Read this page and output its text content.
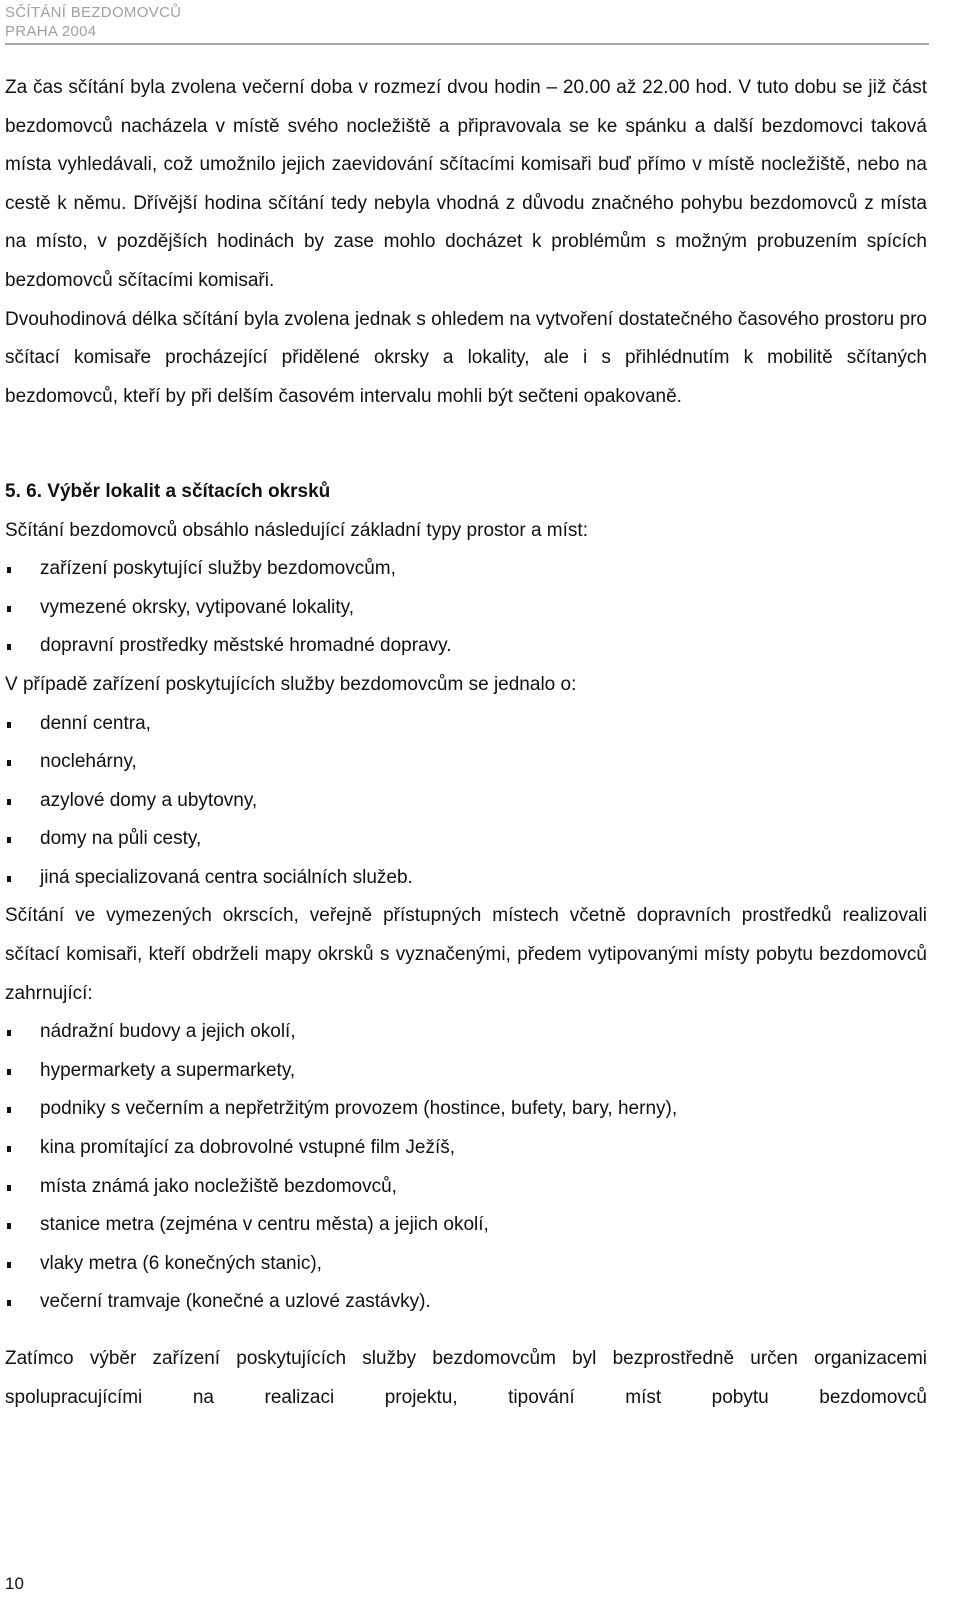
SČÍTÁNÍ BEZDOMOVCŮ
PRAHA 2004

Za čas sčítání byla zvolena večerní doba v rozmezí dvou hodin – 20.00 až 22.00 hod. V tuto dobu se již část bezdomovců nacházela v místě svého nocležiště a připravovala se ke spánku a další bezdomovci taková místa vyhledávali, což umožnilo jejich zaevidování sčítacími komisaři buď přímo v místě nocležiště, nebo na cestě k němu. Dřívější hodina sčítání tedy nebyla vhodná z důvodu značného pohybu bezdomovců z místa na místo, v pozdějších hodinách by zase mohlo docházet k problémům s možným probuzením spících bezdomovců sčítacími komisaři.

Dvouhodinová délka sčítání byla zvolena jednak s ohledem na vytvoření dostatečného časového prostoru pro sčítací komisaře procházející přidělené okrsky a lokality, ale i s přihlédnutím k mobilitě sčítaných bezdomovců, kteří by při delším časovém intervalu mohli být sečteni opakovaně.

5. 6. Výběr lokalit a sčítacích okrsků

Sčítání bezdomovců obsáhlo následující základní typy prostor a míst:

zařízení poskytující služby bezdomovcům,
vymezené okrsky, vytipované lokality,
dopravní prostředky městské hromadné dopravy.

V případě zařízení poskytujících služby bezdomovcům se jednalo o:

denní centra,
noclehárny,
azylové domy a ubytovny,
domy na půli cesty,
jiná specializovaná centra sociálních služeb.

Sčítání ve vymezených okrscích, veřejně přístupných místech včetně dopravních prostředků realizovali sčítací komisaři, kteří obdrželi mapy okrsků s vyznačenými, předem vytipovanými místy pobytu bezdomovců zahrnující:

nádražní budovy a jejich okolí,
hypermarkety a supermarkety,
podniky s večerním a nepřetržitým provozem (hostince, bufety, bary, herny),
kina promítající za dobrovolné vstupné film Ježíš,
místa známá jako nocležiště bezdomovců,
stanice metra (zejména v centru města) a jejich okolí,
vlaky metra (6 konečných stanic),
večerní tramvaje (konečné a uzlové zastávky).

Zatímco výběr zařízení poskytujících služby bezdomovcům byl bezprostředně určen organizacemi spolupracujícími na realizaci projektu, tipování míst pobytu bezdomovců

10
